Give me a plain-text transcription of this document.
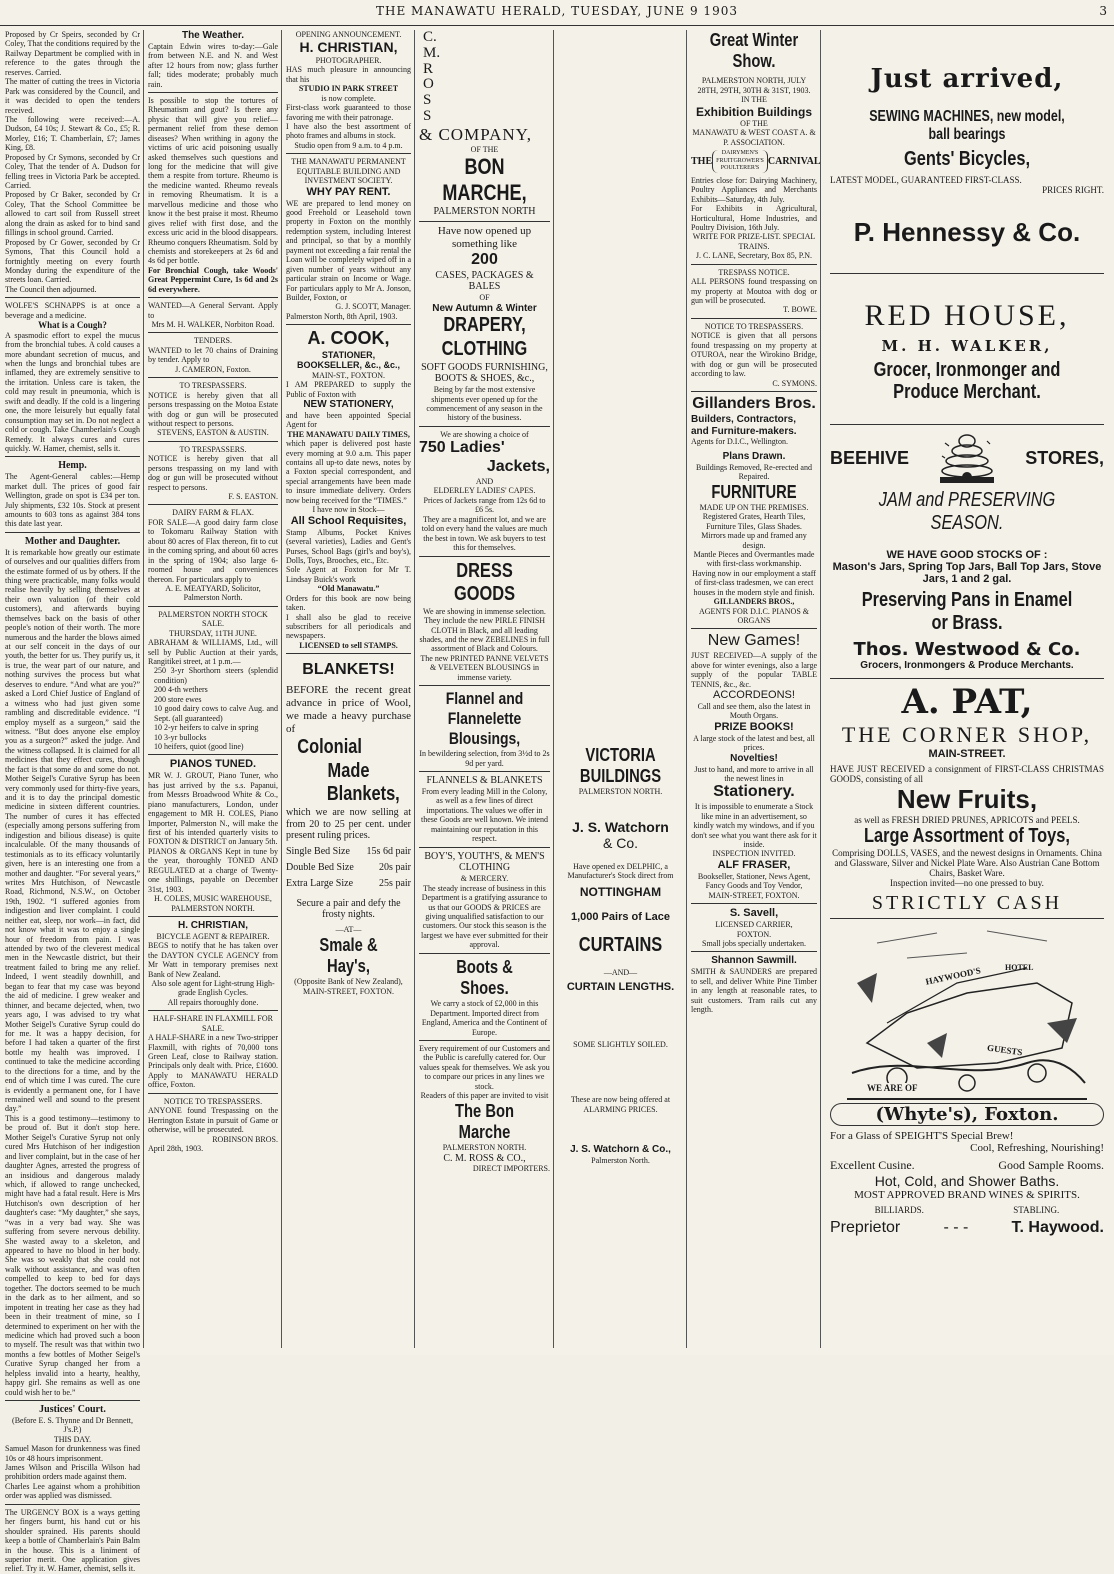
THE MANAWATU HERALD, TUESDAY, JUNE 9 1903	3

Proposed by Cr Speirs, seconded by Cr Coley, That the conditions required by the Railway Department be complied with in reference to the gates through the reserves. Carried.

The matter of cutting the trees in Victoria Park was considered by the Council, and it was decided to open the tenders received.

The following were received:—A. Dudson, £4 10s; J. Stewart & Co., £5; R. Morley, £16; T. Chamberlain, £7; James King, £8.

Proposed by Cr Symons, seconded by Cr Coley, That the tender of A. Dudson for felling trees in Victoria Park be accepted. Carried.

Proposed by Cr Baker, seconded by Cr Coley, That the School Committee be allowed to cart soil from Russell street along the drain as asked for to bind sand fillings in school ground. Carried.

Proposed by Cr Gower, seconded by Cr Symons, That this Council hold a fortnightly meeting on every fourth Monday during the expenditure of the streets loan. Carried.

The Council then adjourned.

WOLFE'S SCHNAPPS is at once a beverage and a medicine.

What is a Cough?

A spasmodic effort to expel the mucus from the bronchial tubes. A cold causes a more abundant secretion of mucus, and when the lungs and bronchial tubes are inflamed, they are extremely sensitive to the irritation. Unless care is taken, the cold may result in pneumonia, which is swift and deadly. If the cold is a lingering one, the more leisurely but equally fatal consumption may set in. Do not neglect a cold or cough. Take Chamberlain's Cough Remedy. It always cures and cures quickly. W. Hamer, chemist, sells it.

Hemp.

The Agent-General cables:—Hemp market dull. The prices of good fair Wellington, grade on spot is £34 per ton. July shipments, £32 10s. Stock at present amounts to 603 tons as against 384 tons this date last year.

Mother and Daughter.

It is remarkable how greatly our estimate of ourselves and our qualities differs from the estimate formed of us by others. If the thing were practicable, many folks would realise heavily by selling themselves at their own valuation (of their cold customers), and afterwards buying themselves back on the basis of other people's notion of their worth. The more numerous and the harder the blows aimed at our self conceit in the days of our youth, the better for us. They purify us, it is true, the wear part of our nature, and nothing survives the process but what deserves to endure. “And what are you?” asked a Lord Chief Justice of England of a witness who had just given some rambling and discreditable evidence. “I employ myself as a surgeon,” said the witness. “But does anyone else employ you as a surgeon?” asked the judge. And the witness collapsed. It is claimed for all medicines that they effect cures, though the fact is that some do and some do not. Mother Seigel's Curative Syrup has been very commonly used for thirty-five years, and it is to day the principal domestic medicine in sixteen different countries. The number of cures it has effected (especially among persons suffering from indigestion and bilious disease) is quite incalculable. Of the many thousands of testimonials as to its efficacy voluntarily given, here is an interesting one from a mother and daughter. “For several years,” writes Mrs Hutchison, of Newcastle Road, Richmond, N.S.W., on October 19th, 1902. “I suffered agonies from indigestion and liver complaint. I could neither eat, sleep, nor work—in fact, did not know what it was to enjoy a single hour of freedom from pain. I was attended by two of the cleverest medical men in the Newcastle district, but their treatment failed to bring me any relief. Indeed, I went steadily downhill, and began to fear that my case was beyond the aid of medicine. I grew weaker and thinner, and became dejected, when, two years ago, I was advised to try what Mother Seigel's Curative Syrup could do for me. It was a happy decision, for before I had taken a quarter of the first bottle my health was improved. I continued to take the medicine according to the directions for a time, and by the end of which time I was cured. The cure is evidently a permanent one, for I have remained well and sound to the present day.”

This is a good testimony—testimony to be proud of. But it don't stop here. Mother Seigel's Curative Syrup not only cured Mrs Hutchison of her indigestion and liver complaint, but in the case of her daughter Agnes, arrested the progress of an insidious and dangerous malady which, if allowed to range unchecked, might have had a fatal result. Here is Mrs Hutchison's own description of her daughter's case: “My daughter,” she says, “was in a very bad way. She was suffering from severe nervous debility. She wasted away to a skeleton, and appeared to have no blood in her body. She was so weakly that she could not walk without assistance, and was often compelled to keep to bed for days together. The doctors seemed to be much in the dark as to her ailment, and so impotent in treating her case as they had been in their treatment of mine, so I determined to experiment on her with the medicine which had proved such a boon to myself. The result was that within two months a few bottles of Mother Seigel's Curative Syrup changed her from a helpless invalid into a hearty, healthy, happy girl. She remains as well as one could wish her to be.”

Justices' Court.

(Before E. S. Thynne and Dr Bennett, J's.P.)

THIS DAY.

Samuel Mason for drunkenness was fined 10s or 48 hours imprisonment.

James Wilson and Priscilla Wilson had prohibition orders made against them.

Charles Lee against whom a prohibition order was applied was dismissed.

The URGENCY BOX is a ways getting her fingers burnt, his hand cut or his shoulder sprained. His parents should keep a bottle of Chamberlain's Pain Balm in the house. This is a liniment of superior merit. One application gives relief. Try it. W. Hamer, chemist, sells it.

The Weather.

Captain Edwin wires to-day:—Gale from between N.E. and N. and West after 12 hours from now; glass further fall; tides moderate; probably much rain.

Is possible to stop the tortures of Rheumatism and gout? Is there any physic that will give you relief—permanent relief from these demon diseases? When writhing in agony the victims of uric acid poisoning usually asked themselves such questions and long for the medicine that will give them a respite from torture. Rheumo is the medicine wanted. Rheumo reveals in removing Rheumatism. It is a marvellous medicine and those who know it the best praise it most. Rheumo gives relief with first dose, and the excess uric acid in the blood disappears. Rheumo conquers Rheumatism. Sold by chemists and storekeepers at 2s 6d and 4s 6d per bottle.

For Bronchial Cough, take Woods' Great Peppermint Cure, 1s 6d and 2s 6d everywhere.

WANTED—A General Servant. Apply to

Mrs M. H. WALKER, Norbiton Road.

TENDERS.

WANTED to let 70 chains of Draining by tender. Apply to

J. CAMERON, Foxton.

TO TRESPASSERS.

NOTICE is hereby given that all persons trespassing on the Motoa Estate with dog or gun will be prosecuted without respect to persons.

STEVENS, EASTON & AUSTIN.

TO TRESPASSERS.

NOTICE is hereby given that all persons trespassing on my land with dog or gun will be prosecuted without respect to persons.

F. S. EASTON.

DAIRY FARM & FLAX.

FOR SALE—A good dairy farm close to Tokomaru Railway Station with about 80 acres of Flax thereon, fit to cut in the coming spring, and about 60 acres in the spring of 1904; also large 6-roomed house and conveniences thereon. For particulars apply to

A. E. MEATYARD, Solicitor, Palmerston North.

PALMERSTON NORTH STOCK SALE.

THURSDAY, 11TH JUNE.

ABRAHAM & WILLIAMS, Ltd., will sell by Public Auction at their yards, Rangitikei street, at 1 p.m.—

250 3-yr Shorthorn steers (splendid condition)

200 4-th wethers

200 store ewes

10 good dairy cows to calve Aug. and Sept. (all guaranteed)

10 2-yr heifers to calve in spring

10 3-yr bullocks

10 heifers, quiot (good line)

PIANOS TUNED.

MR W. J. GROUT, Piano Tuner, who has just arrived by the s.s. Papanui, from Messrs Broadwood White & Co., piano manufacturers, London, under engagement to MR H. COLES, Piano Importer, Palmerston N., will make the first of his intended quarterly visits to FOXTON & DISTRICT on January 5th.

PIANOS & ORGANS Kept in tune by the year, thoroughly TONED AND REGULATED at a charge of Twenty-one shillings, payable on December 31st, 1903.

H. COLES, MUSIC WAREHOUSE, PALMERSTON NORTH.

H. CHRISTIAN,

BICYCLE AGENT & REPAIRER.

BEGS to notify that he has taken over the DAYTON CYCLE AGENCY from Mr Watt in temporary premises next Bank of New Zealand.

Also sole agent for Light-strung High-grade English Cycles.

All repairs thoroughly done.

HALF-SHARE IN FLAXMILL FOR SALE.

A HALF-SHARE in a new Two-stripper Flaxmill, with rights of 70,000 tons Green Leaf, close to Railway station. Principals only dealt with. Price, £1600. Apply to MANAWATU HERALD office, Foxton.

NOTICE TO TRESPASSERS.

ANYONE found Trespassing on the Herrington Estate in pursuit of Game or otherwise, will be prosecuted.

ROBINSON BROS.

April 28th, 1903.

OPENING ANNOUNCEMENT.

H. CHRISTIAN,

PHOTOGRAPHER.

HAS much pleasure in announcing that his

STUDIO IN PARK STREET

is now complete.

First-class work guaranteed to those favoring me with their patronage.

I have also the best assortment of photo frames and albums in stock.

Studio open from 9 a.m. to 4 p.m.

THE MANAWATU PERMANENT EQUITABLE BUILDING AND INVESTMENT SOCIETY.

WHY PAY RENT.

WE are prepared to lend money on good Freehold or Leasehold town property in Foxton on the monthly redemption system, including Interest and principal, so that by a monthly payment not exceeding a fair rental the Loan will be completely wiped off in a given number of years without any particular strain on Income or Wage. For particulars apply to Mr A. Jonson, Builder, Foxton, or

G. J. SCOTT, Manager.

Palmerston North, 8th April, 1903.

A. COOK,

STATIONER,

BOOKSELLER, &c., &c.,

MAIN-ST., FOXTON.

I AM PREPARED to supply the Public of Foxton with

NEW STATIONERY,

and have been appointed Special Agent for

THE MANAWATU DAILY TIMES,

which paper is delivered post haste every morning at 9.0 a.m. This paper contains all up-to date news, notes by a Foxton special correspondent, and special arrangements have been made to insure immediate delivery. Orders now being received for the “TIMES.”

I have now in Stock—

All School Requisites,

Stamp Albums, Pocket Knives (several varieties), Ladies and Gent's Purses, School Bags (girl's and boy's), Dolls, Toys, Brooches, etc., Etc.

Sole Agent at Foxton for Mr T. Lindsay Buick's work

“Old Manawatu.”

Orders for this book are now being taken.

I shall also be glad to receive subscribers for all periodicals and newspapers.

LICENSED to sell STAMPS.

BLANKETS!

BEFORE the recent great advance in price of Wool, we made a heavy purchase of

Colonial

Made

Blankets,

which we are now selling at from 20 to 25 per cent. under present ruling prices.

Single Bed Size 15s 6d pair
Double Bed Size	20s pair
Extra Large Size	25s pair

Secure a pair and defy the frosty nights.

—AT—

Smale & Hay's,

(Opposite Bank of New Zealand),

MAIN-STREET, FOXTON.

C.

M.

R

O

S

S

& COMPANY,

OF THE

BON MARCHE,

PALMERSTON NORTH

Have now opened up something like

200

CASES, PACKAGES & BALES

OF

New Autumn & Winter

DRAPERY, CLOTHING

SOFT GOODS FURNISHING,

BOOTS & SHOES, &c.,

Being by far the most extensive shipments ever opened up for the commencement of any season in the history of the business.

We are showing a choice of

750 Ladies'

Jackets,

AND

ELDERLEY LADIES' CAPES.

Prices of Jackets range from 12s 6d to £6 5s.

They are a magnificent lot, and we are told on every hand the values are much the best in town. We ask buyers to test this for themselves.

DRESS GOODS

We are showing in immense selection.

They include the new PIRLE FINISH CLOTH in Black, and all leading shades, and the new ZEBELINES in full assortment of Black and Colours.

The new PRINTED PANNE VELVETS & VELVETEEN BLOUSINGS in immense variety.

Flannel and Flannelette Blousings,

In bewildering selection, from 3½d to 2s 9d per yard.

FLANNELS & BLANKETS

From every leading Mill in the Colony, as well as a few lines of direct importations. The values we offer in these Goods are well known. We intend maintaining our reputation in this respect.

BOY'S, YOUTH'S, & MEN'S CLOTHING

& MERCERY.

The steady increase of business in this Department is a gratifying assurance to us that our GOODS & PRICES are giving unqualified satisfaction to our customers. Our stock this season is the largest we have ever submitted for their approval.

Boots & Shoes.

We carry a stock of £2,000 in this Department. Imported direct from England, America and the Continent of Europe.

Every requirement of our Customers and the Public is carefully catered for. Our values speak for themselves. We ask you to compare our prices in any lines we stock.

Readers of this paper are invited to visit

The Bon Marche

PALMERSTON NORTH.

C. M. ROSS & CO.,

DIRECT IMPORTERS.

VICTORIA BUILDINGS

PALMERSTON NORTH.

J. S. Watchorn

& Co.

Have opened ex DELPHIC, a Manufacturer's Stock direct from

NOTTINGHAM

1,000 Pairs of Lace

CURTAINS

—AND—

CURTAIN LENGTHS.

SOME SLIGHTLY SOILED.

These are now being offered at ALARMING PRICES.

J. S. Watchorn & Co.,

Palmerston North.

Great Winter Show.

PALMERSTON NORTH, JULY 28TH, 29TH, 30TH & 31ST, 1903.

IN THE

Exhibition Buildings

OF THE

MANAWATU & WEST COAST A. & P. ASSOCIATION.

THE
DAIRYMEN'S
FRUITGROWER'S
POULTERER'S
CARNIVAL

Entries close for: Dairying Machinery, Poultry Appliances and Merchants Exhibits—Saturday, 4th July.

For Exhibits in Agricultural, Horticultural, Home Industries, and Poultry Division, 16th July.

WRITE FOR PRIZE-LIST. SPECIAL TRAINS.

J. C. LANE, Secretary, Box 85, P.N.

TRESPASS NOTICE.

ALL PERSONS found trespassing on my property at Moutoa with dog or gun will be prosecuted.

T. BOWE.

NOTICE TO TRESPASSERS.

NOTICE is given that all persons found trespassing on my property at OTUROA, near the Wirokino Bridge, with dog or gun will be prosecuted according to law.

C. SYMONS.

Gillanders Bros.

Builders, Contractors,

and Furniture-makers.

Agents for D.I.C., Wellington.

Plans Drawn.

Buildings Removed, Re-erected and Repaired.

FURNITURE

MADE UP ON THE PREMISES.

Registered Grates, Hearth Tiles, Furniture Tiles, Glass Shades.

Mirrors made up and framed any design.

Mantle Pieces and Overmantles made with first-class workmanship.

Having now in our employment a staff of first-class tradesmen, we can erect houses in the modern style and finish.

GILLANDERS BROS.,

AGENTS FOR D.I.C. PIANOS & ORGANS

New Games!

JUST RECEIVED—A supply of the above for winter evenings, also a large supply of the popular TABLE TENNIS, &c., &c.

ACCORDEONS!

Call and see them, also the latest in Mouth Organs.

PRIZE BOOKS!

A large stock of the latest and best, all prices.

Novelties!

Just to hand, and more to arrive in all the newest lines in

Stationery.

It is impossible to enumerate a Stock like mine in an advertisement, so kindly watch my windows, and if you don't see what you want there ask for it inside.

INSPECTION INVITED.

ALF FRASER,

Bookseller, Stationer, News Agent, Fancy Goods and Toy Vendor,

MAIN-STREET, FOXTON.

S. Savell,

LICENSED CARRIER,

FOXTON.

Small jobs specially undertaken.

Shannon Sawmill.

SMITH & SAUNDERS are prepared to sell, and deliver White Pine Timber in any length at reasonable rates, to suit customers. Tram rails cut any length.

Just arrived,

SEWING MACHINES, new model, ball bearings

Gents' Bicycles,

LATEST MODEL, GUARANTEED FIRST-CLASS.

PRICES RIGHT.

P. Hennessy & Co.

RED HOUSE,

M. H. WALKER,

Grocer, Ironmonger and Produce Merchant.

BEEHIVE	STORES,

JAM and PRESERVING SEASON.

WE HAVE GOOD STOCKS OF :

Mason's Jars, Spring Top Jars, Ball Top Jars, Stove Jars, 1 and 2 gal.

Preserving Pans in Enamel or Brass.

Thos. Westwood & Co.

Grocers, Ironmongers & Produce Merchants.

A. PAT,

THE CORNER SHOP,

MAIN-STREET.

HAVE JUST RECEIVED a consignment of FIRST-CLASS CHRISTMAS GOODS, consisting of all

New Fruits,

as well as FRESH DRIED PRUNES, APRICOTS and PEELS.

Large Assortment of Toys,

Comprising DOLLS, VASES, and the newest designs in Ornaments. China and Glassware, Silver and Nickel Plate Ware. Also Austrian Cane Bottom Chairs, Basket Ware.

Inspection invited—no one pressed to buy.

STRICTLY CASH

HAYWOOD'S	HOTEL
GUESTS
WE ARE OF

(Whyte's), Foxton.

For a Glass of SPEIGHT'S Special Brew!

Cool, Refreshing, Nourishing!

Excellent Cusine.	Good Sample Rooms.

Hot, Cold, and Shower Baths.

MOST APPROVED BRAND WINES & SPIRITS.

BILLIARDS.	STABLING.
Preprietor	- - -	T. Haywood.
